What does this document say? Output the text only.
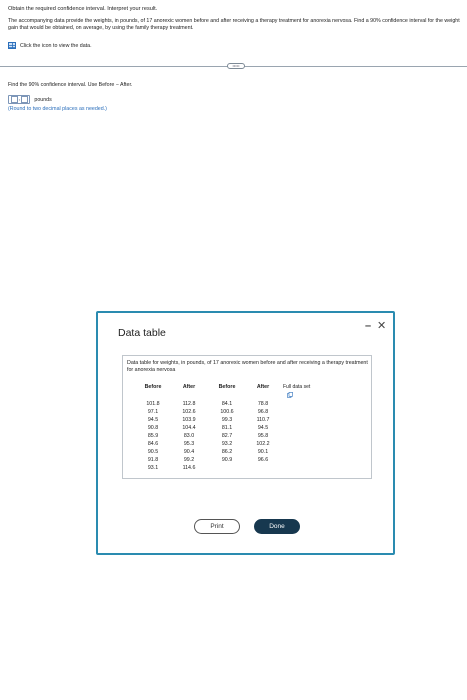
Obtain the required confidence interval. Interpret your result.
The accompanying data provide the weights, in pounds, of 17 anorexic women before and after receiving a therapy treatment for anorexia nervosa. Find a 90% confidence interval for the weight gain that would be obtained, on average, by using the family therapy treatment.
Click the icon to view the data.
•••••
Find the 90% confidence interval. Use Before − After.
,	pounds
(Round to two decimal places as needed.)
Data table
– ✕
Data table for weights, in pounds, of 17 anorexic women before and after receiving a therapy treatment for anorexia nervosa
Before
101.8
97.1
94.5
90.8
85.9
84.6
90.5
91.8
93.1
After
112.8
102.6
103.9
104.4
83.0
95.3
90.4
99.2
114.6
Before
84.1
100.6
99.3
81.1
82.7
93.2
86.2
90.9
After
78.8
96.8
110.7
94.5
95.8
102.2
90.1
96.6
Full data set
Print	Done
